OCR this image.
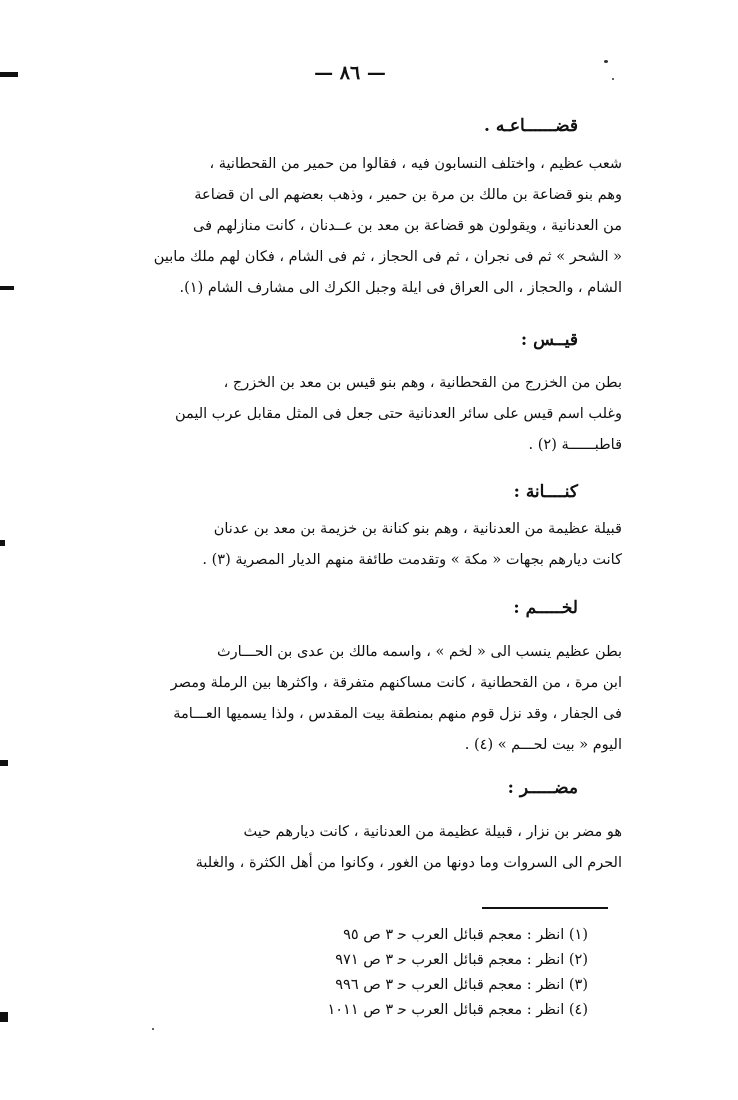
— ٨٦ —
قضــــــاعـه .
شعب عظيم ، واختلف النسابون فيه ، فقالوا من حمير من القحطانية ،
وهم بنو قضاعة بن مالك بن مرة بن حمير ، وذهب بعضهم الى ان قضاعة
من العدنانية ، ويقولون هو قضاعة بن معد بن عــدنان ، كانت منازلهم فى
« الشحر » ثم فى نجران ، ثم فى الحجاز ، ثم فى الشام ، فكان لهم ملك مابين
الشام ، والحجاز ، الى العراق فى ايلة وجبل الكرك الى مشارف الشام (١).
قيــس :
بطن من الخزرج من القحطانية ، وهم بنو قيس بن معد بن الخزرج ،
وغلب اسم قيس على سائر العدنانية حتى جعل فى المثل مقابل عرب اليمن
قاطبــــــة (٢) .
كنــــانة :
قبيلة عظيمة من العدنانية ، وهم بنو كنانة بن خزيمة بن معد بن عدنان
كانت ديارهم بجهات « مكة » وتقدمت طائفة منهم الديار المصرية (٣) .
لخـــــم :
بطن عظيم ينسب الى « لخم » ، واسمه مالك بن عدى بن الحـــارث
ابن مرة ، من القحطانية ، كانت مساكنهم متفرقة ، واكثرها بين الرملة ومصر
فى الجفار ، وقد نزل قوم منهم بمنطقة بيت المقدس ، ولذا يسميها العـــامة
اليوم « بيت لحـــم » (٤) .
مضـــــر :
هو مضر بن نزار ، قبيلة عظيمة من العدنانية ، كانت ديارهم حيث
الحرم الى السروات وما دونها من الغور ، وكانوا من أهل الكثرة ، والغلبة
(١) انظر : معجم قبائل العرب ﺣ ٣ ص ٩٥
(٢) انظر : معجم قبائل العرب ﺣ ٣ ص ٩٧١
(٣) انظر : معجم قبائل العرب ﺣ ٣ ص ٩٩٦
(٤) انظر : معجم قبائل العرب ﺣ ٣ ص ١٠١١
